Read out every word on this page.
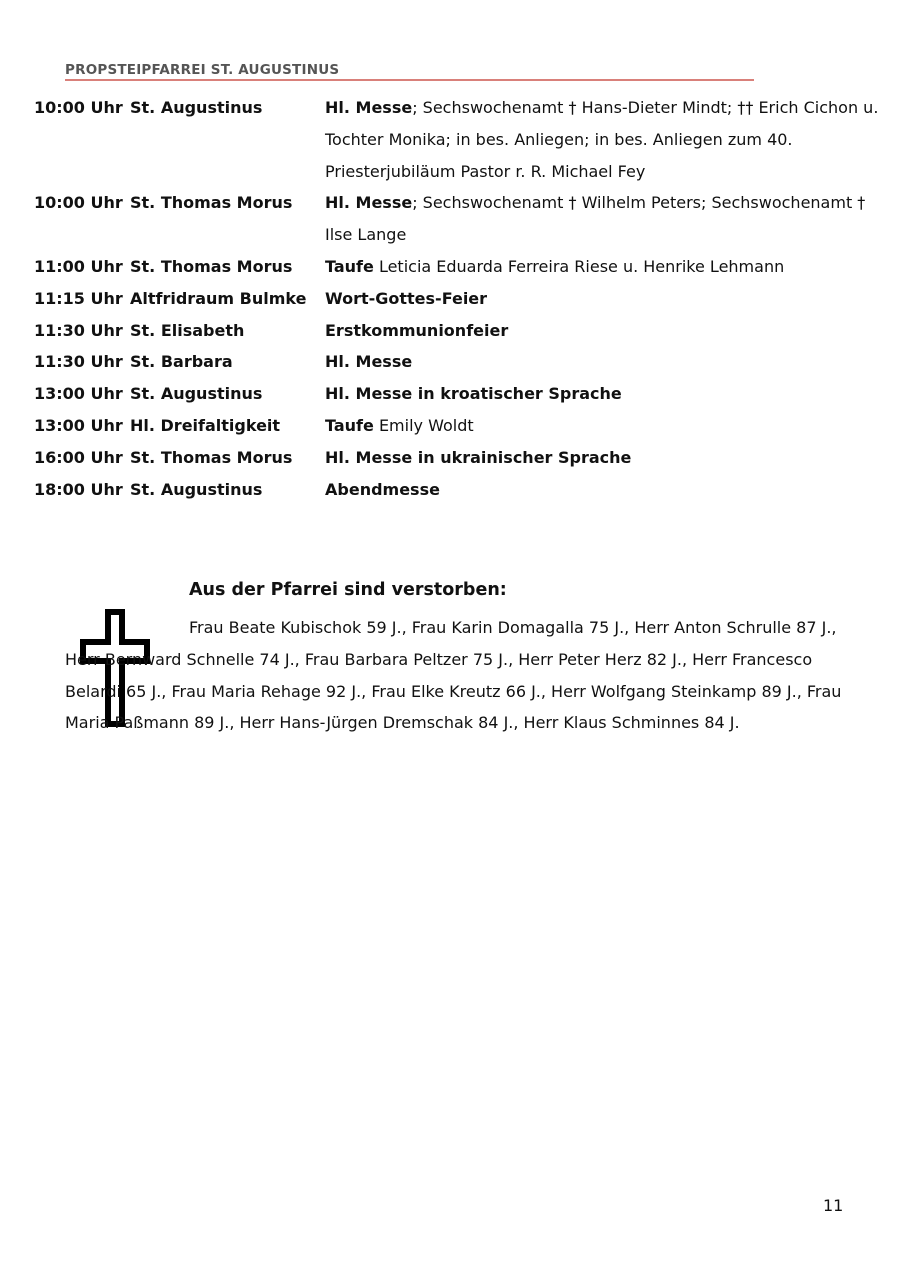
PROPSTEIPFARREI ST. AUGUSTINUS
10:00 Uhr St. Augustinus	Hl. Messe; Sechswochenamt † Hans-Dieter Mindt; †† Erich Cichon u. Tochter Monika; in bes. Anliegen; in bes. Anliegen zum 40. Priesterjubiläum Pastor r. R. Michael Fey
10:00 Uhr St. Thomas Morus	Hl. Messe; Sechswochenamt † Wilhelm Peters; Sechswochenamt † Ilse Lange
11:00 Uhr St. Thomas Morus	Taufe Leticia Eduarda Ferreira Riese u. Henrike Lehmann
11:15 Uhr Altfridraum Bulmke	Wort-Gottes-Feier
11:30 Uhr St. Elisabeth	Erstkommunionfeier
11:30 Uhr St. Barbara	Hl. Messe
13:00 Uhr St. Augustinus	Hl. Messe in kroatischer Sprache
13:00 Uhr Hl. Dreifaltigkeit	Taufe Emily Woldt
16:00 Uhr St. Thomas Morus	Hl. Messe in ukrainischer Sprache
18:00 Uhr St. Augustinus	Abendmesse
Aus der Pfarrei sind verstorben:
Frau Beate Kubischok 59 J., Frau Karin Domagalla 75 J., Herr Anton Schrulle 87 J., Herr Bernward Schnelle 74 J., Frau Barbara Peltzer 75 J., Herr Peter Herz 82 J., Herr Francesco Belardi 65 J., Frau Maria Rehage 92 J., Frau Elke Kreutz 66 J., Herr Wolfgang Steinkamp 89 J., Frau Maria Paßmann 89 J., Herr Hans-Jürgen Dremschak 84 J., Herr Klaus Schminnes 84 J.
11
